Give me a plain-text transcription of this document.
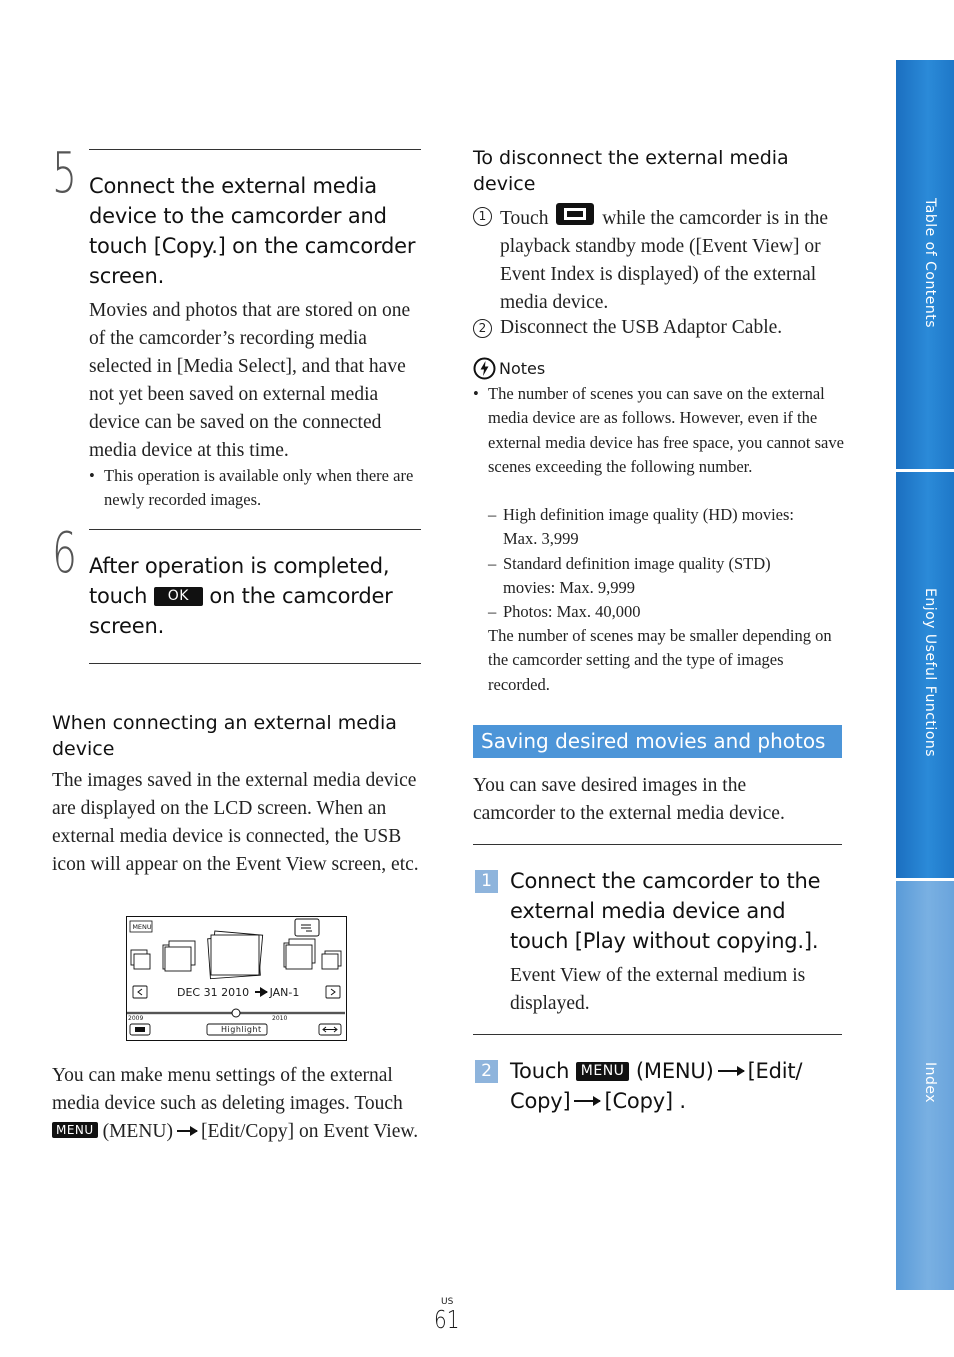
Table of Contents
Enjoy Useful Functions
Index
5 Connect the external media device to the camcorder and touch [Copy.] on the camcorder screen.
Movies and photos that are stored on one of the camcorder’s recording media selected in [Media Select], and that have not yet been saved on external media device can be saved on the connected media device at this time.
• This operation is available only when there are newly recorded images.
6 After operation is completed, touch OK on the camcorder screen.
When connecting an external media device
The images saved in the external media device are displayed on the LCD screen. When an external media device is connected, the USB icon will appear on the Event View screen, etc.
MENU
DEC 31 2010 JAN-1
2009	2010
Highlight
You can make menu settings of the external media device such as deleting images. Touch MENU (MENU) [Edit/Copy] on Event View.
To disconnect the external media device
1 Touch	while the camcorder is in the playback standby mode ([Event View] or Event Index is displayed) of the external media device.
2 Disconnect the USB Adaptor Cable.
Notes
• The number of scenes you can save on the external media device are as follows. However, even if the external media device has free space, you cannot save scenes exceeding the following number.
– High definition image quality (HD) movies:
Max. 3,999
– Standard definition image quality (STD)
movies: Max. 9,999
– Photos: Max. 40,000
The number of scenes may be smaller depending on the camcorder setting and the type of images recorded.
Saving desired movies and photos
You can save desired images in the camcorder to the external media device.
1 Connect the camcorder to the external media device and touch [Play without copying.].
Event View of the external medium is displayed.
2 Touch MENU (MENU) [Edit/ Copy] [Copy] .
US
61
